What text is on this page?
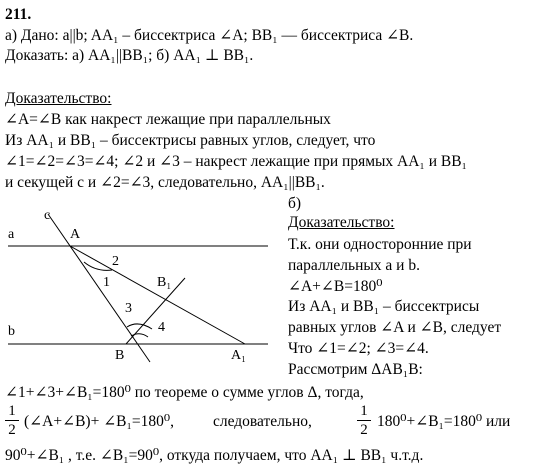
211.
а) Дано: a||b; AA₁ – биссектриса ∠A; BB₁ — биссектриса ∠B.
Доказать: а) AA₁||BB₁; б) AA₁ ⊥ BB₁.
Доказательство:
∠A=∠B как накрест лежащие при параллельных
Из AA₁ и BB₁ – биссектрисы равных углов, следует, что
∠1=∠2=∠3=∠4; ∠2 и ∠3 – накрест лежащие при прямых AA₁ и BB₁
и секущей с и ∠2=∠3, следовательно, AA₁||BB₁.
c
a
b
A
B	A₁
B₁
1
2
3
4
б)
Доказательство:
Т.к. они односторонние при
параллельных a и b.
∠A+∠B=180⁰
Из AA₁ и BB₁ – биссектрисы
равных углов ∠A и ∠B, следует
Что ∠1=∠2; ∠3=∠4.
Рассмотрим ΔAB₁B:
∠1+∠3+∠B₁=180⁰ по теореме о сумме углов Δ, тогда,
1
2 (∠A+∠B)+ ∠B₁=180⁰,	следовательно,
1
2 180⁰+∠B₁=180⁰ или
90⁰+∠B₁ , т.е. ∠B₁=90⁰, откуда получаем, что AA₁ ⊥ BB₁ ч.т.д.
